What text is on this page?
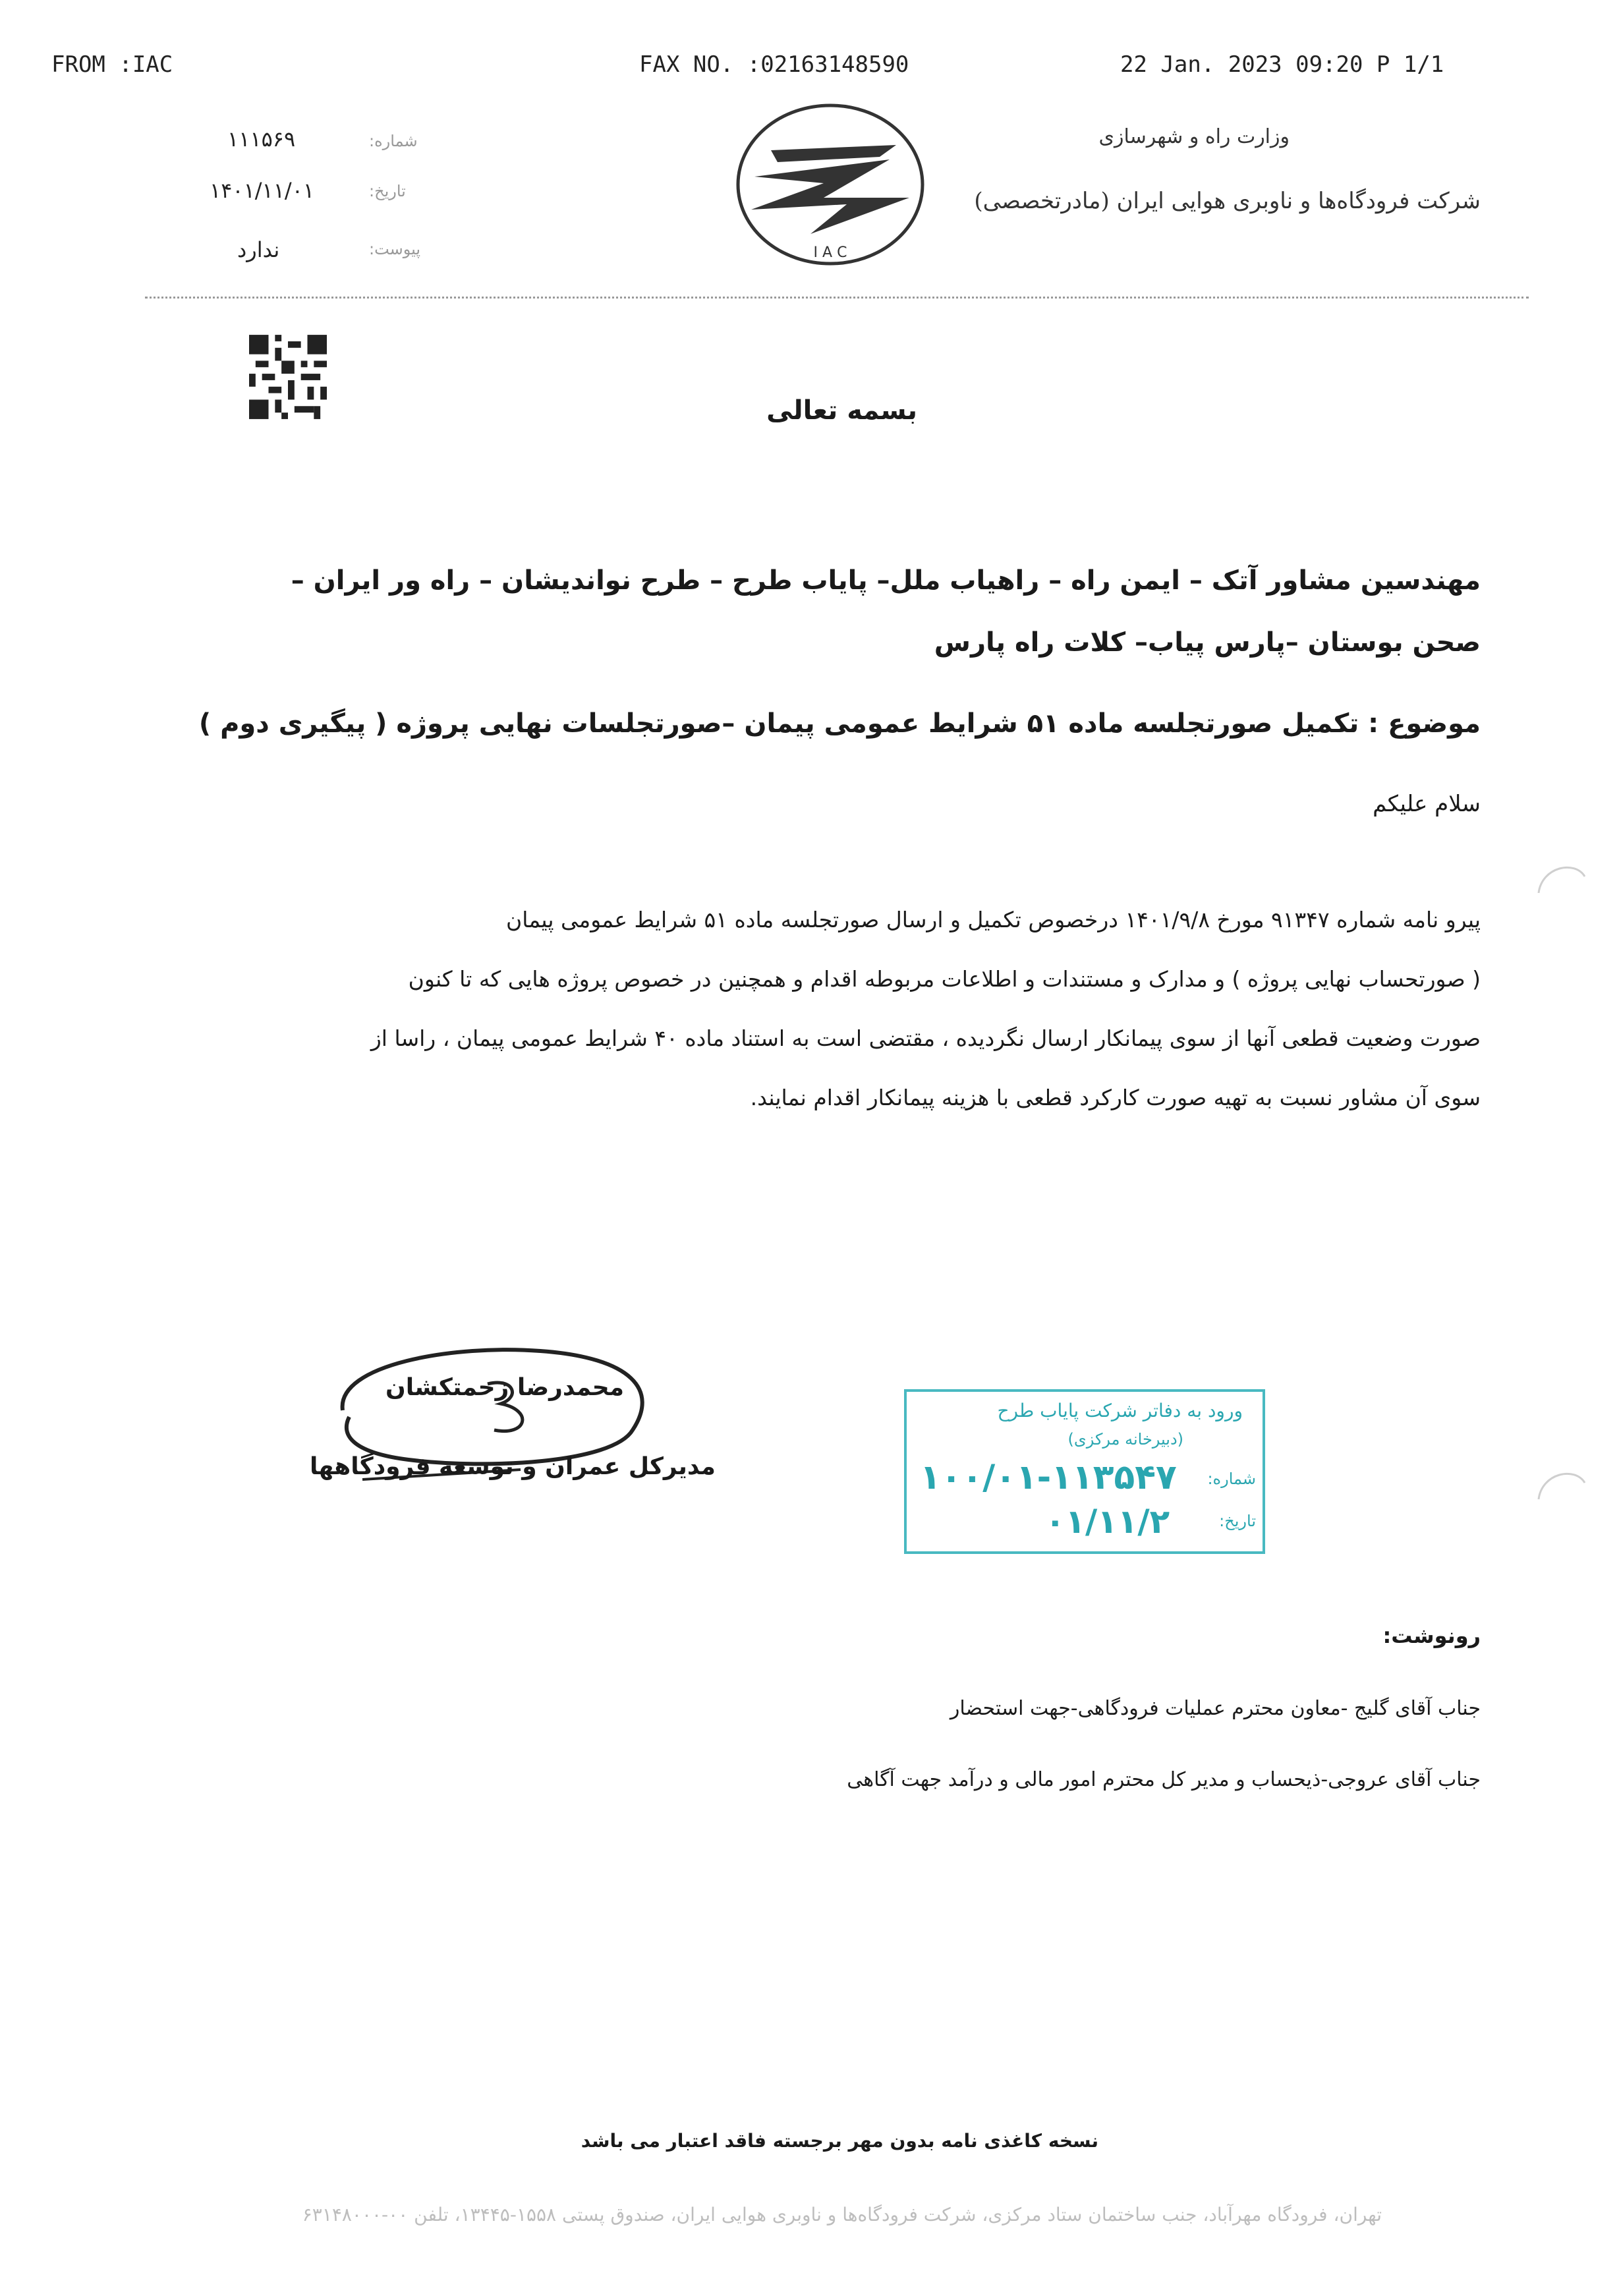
FROM :IAC	FAX NO. :02163148590	22 Jan. 2023 09:20 P 1/1
شماره:
۱۱۱۵۶۹
تاریخ:
۱۴۰۱/۱۱/۰۱
پیوست:
ندارد	I A C
وزارت راه و شهرسازی
شرکت فرودگاه‌ها و ناوبری هوایی ایران (مادرتخصصی)
بسمه تعالی
مهندسین مشاور آتک – ایمن راه – راهیاب ملل– پایاب طرح – طرح نواندیشان – راه ور ایران –
صحن بوستان –پارس پیاب– کلات راه پارس
موضوع : تکمیل صورتجلسه ماده ۵۱ شرایط عمومی پیمان –صورتجلسات نهایی پروژه ( پیگیری دوم )
سلام علیکم
پیرو نامه شماره ۹۱۳۴۷ مورخ ۱۴۰۱/۹/۸ درخصوص تکمیل و ارسال صورتجلسه ماده ۵۱ شرایط عمومی پیمان
( صورتحساب نهایی پروژه ) و مدارک و مستندات و اطلاعات مربوطه اقدام و همچنین در خصوص پروژه هایی که تا کنون
صورت وضعیت قطعی آنها از سوی پیمانکار ارسال نگردیده ، مقتضی است به استناد ماده ۴۰ شرایط عمومی پیمان ، راسا از
سوی آن مشاور نسبت به تهیه صورت کارکرد قطعی با هزینه پیمانکار اقدام نمایند.
محمدرضا زحمتکشان
مدیرکل عمران و توسعه فرودگاهها
ورود به دفاتر شرکت پایاب طرح
(دبیرخانه مرکزی)
شماره:
۱۰۰/۰۱-۱۱۳۵۴۷
تاریخ:
۰۱/۱۱/۲
رونوشت:
جناب آقای گلیج -معاون محترم عملیات فرودگاهی-جهت استحضار
جناب آقای عروجی-ذیحساب و مدیر کل محترم امور مالی و درآمد جهت آگاهی
نسخه کاغذی نامه بدون مهر برجسته فاقد اعتبار می باشد
تهران، فرودگاه مهرآباد، جنب ساختمان ستاد مرکزی، شرکت فرودگاه‌ها و ناوبری هوایی ایران، صندوق پستی ۱۵۵۸-۱۳۴۴۵، تلفن ۰۰-۶۳۱۴۸۰۰۰
